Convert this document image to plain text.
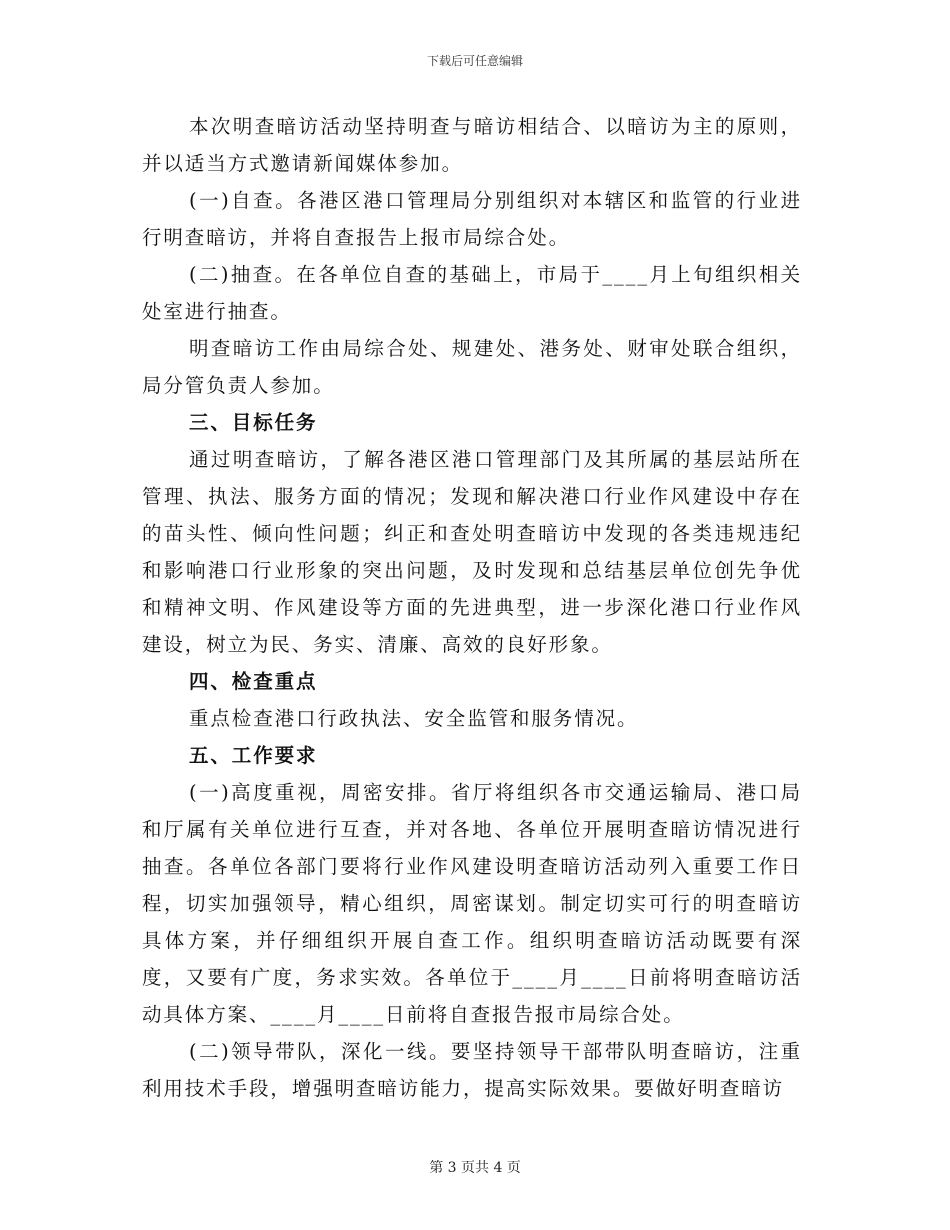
下载后可任意编辑

本次明查暗访活动坚持明查与暗访相结合、以暗访为主的原则，并以适当方式邀请新闻媒体参加。

(一)自查。各港区港口管理局分别组织对本辖区和监管的行业进行明查暗访，并将自查报告上报市局综合处。

(二)抽查。在各单位自查的基础上，市局于____月上旬组织相关处室进行抽查。

明查暗访工作由局综合处、规建处、港务处、财审处联合组织，局分管负责人参加。

三、目标任务

通过明查暗访，了解各港区港口管理部门及其所属的基层站所在管理、执法、服务方面的情况；发现和解决港口行业作风建设中存在的苗头性、倾向性问题；纠正和查处明查暗访中发现的各类违规违纪和影响港口行业形象的突出问题，及时发现和总结基层单位创先争优和精神文明、作风建设等方面的先进典型，进一步深化港口行业作风建设，树立为民、务实、清廉、高效的良好形象。

四、检查重点

重点检查港口行政执法、安全监管和服务情况。

五、工作要求

(一)高度重视，周密安排。省厅将组织各市交通运输局、港口局和厅属有关单位进行互查，并对各地、各单位开展明查暗访情况进行抽查。各单位各部门要将行业作风建设明查暗访活动列入重要工作日程，切实加强领导，精心组织，周密谋划。制定切实可行的明查暗访具体方案，并仔细组织开展自查工作。组织明查暗访活动既要有深度，又要有广度，务求实效。各单位于____月____日前将明查暗访活动具体方案、____月____日前将自查报告报市局综合处。

(二)领导带队，深化一线。要坚持领导干部带队明查暗访，注重利用技术手段，增强明查暗访能力，提高实际效果。要做好明查暗访

第 3 页共 4 页
